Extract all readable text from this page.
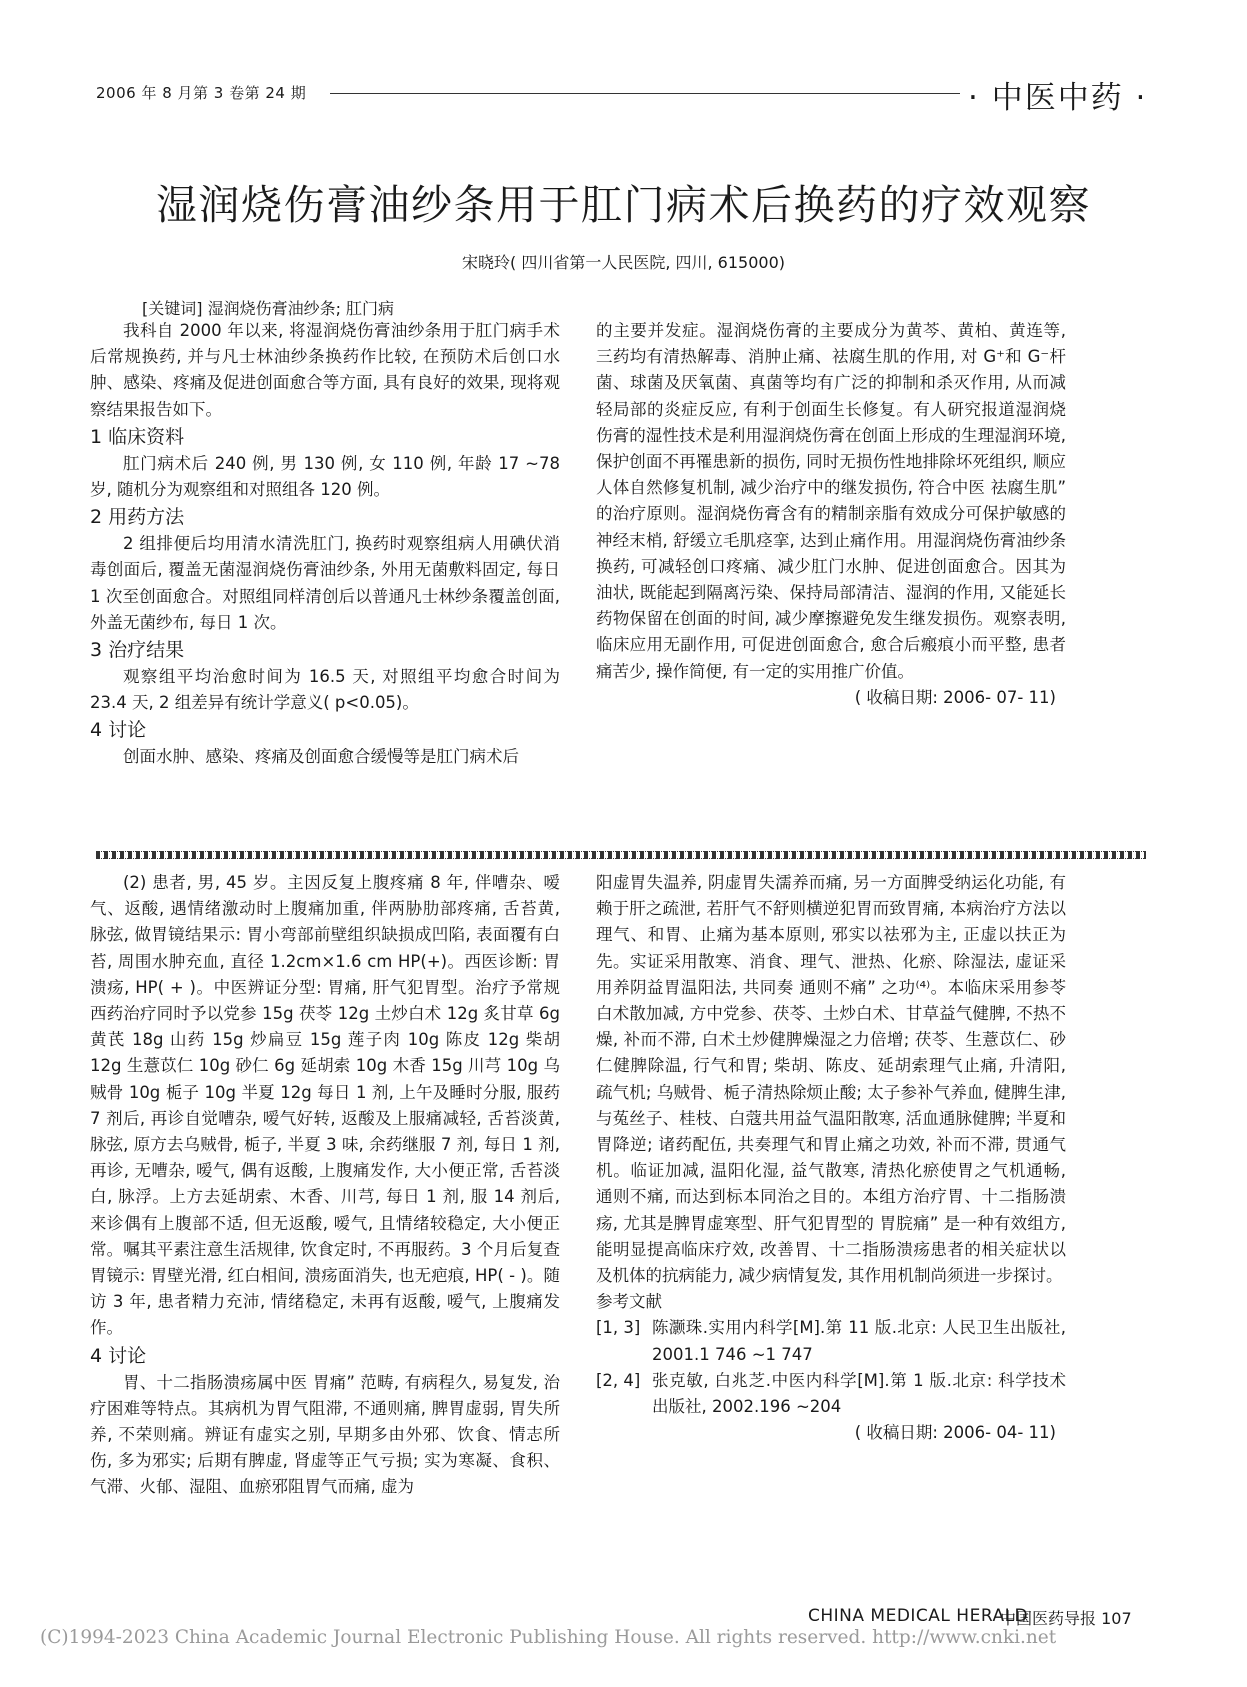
2006 年 8 月第 3 卷第 24 期	· 中医中药 ·
湿润烧伤膏油纱条用于肛门病术后换药的疗效观察
宋晓玲( 四川省第一人民医院, 四川, 615000)
[关键词] 湿润烧伤膏油纱条; 肛门病

我科自 2000 年以来, 将湿润烧伤膏油纱条用于肛门病手术后常规换药, 并与凡士林油纱条换药作比较, 在预防术后创口水肿、感染、疼痛及促进创面愈合等方面, 具有良好的效果, 现将观察结果报告如下。

1 临床资料

肛门病术后 240 例, 男 130 例, 女 110 例, 年龄 17 ~78 岁, 随机分为观察组和对照组各 120 例。

2 用药方法

2 组排便后均用清水清洗肛门, 换药时观察组病人用碘伏消毒创面后, 覆盖无菌湿润烧伤膏油纱条, 外用无菌敷料固定, 每日 1 次至创面愈合。对照组同样清创后以普通凡士林纱条覆盖创面, 外盖无菌纱布, 每日 1 次。

3 治疗结果

观察组平均治愈时间为 16.5 天, 对照组平均愈合时间为 23.4 天, 2 组差异有统计学意义( p<0.05)。

4 讨论

创面水肿、感染、疼痛及创面愈合缓慢等是肛门病术后

的主要并发症。湿润烧伤膏的主要成分为黄芩、黄柏、黄连等, 三药均有清热解毒、消肿止痛、祛腐生肌的作用, 对 G⁺和 G⁻杆菌、球菌及厌氧菌、真菌等均有广泛的抑制和杀灭作用, 从而减轻局部的炎症反应, 有利于创面生长修复。有人研究报道湿润烧伤膏的湿性技术是利用湿润烧伤膏在创面上形成的生理湿润环境, 保护创面不再罹患新的损伤, 同时无损伤性地排除坏死组织, 顺应人体自然修复机制, 减少治疗中的继发损伤, 符合中医 祛腐生肌” 的治疗原则。湿润烧伤膏含有的精制亲脂有效成分可保护敏感的神经末梢, 舒缓立毛肌痉挛, 达到止痛作用。用湿润烧伤膏油纱条换药, 可减轻创口疼痛、减少肛门水肿、促进创面愈合。因其为油状, 既能起到隔离污染、保持局部清洁、湿润的作用, 又能延长药物保留在创面的时间, 减少摩擦避免发生继发损伤。观察表明, 临床应用无副作用, 可促进创面愈合, 愈合后瘢痕小而平整, 患者痛苦少, 操作简便, 有一定的实用推广价值。

( 收稿日期: 2006- 07- 11)

(2) 患者, 男, 45 岁。主因反复上腹疼痛 8 年, 伴嘈杂、嗳气、返酸, 遇情绪激动时上腹痛加重, 伴两胁肋部疼痛, 舌苔黄, 脉弦, 做胃镜结果示: 胃小弯部前壁组织缺损成凹陷, 表面覆有白苔, 周围水肿充血, 直径 1.2cm×1.6 cm HP(+)。西医诊断: 胃溃疡, HP( + )。中医辨证分型: 胃痛, 肝气犯胃型。治疗予常规西药治疗同时予以党参 15g 茯苓 12g 土炒白术 12g 炙甘草 6g 黄芪 18g 山药 15g 炒扁豆 15g 莲子肉 10g 陈皮 12g 柴胡 12g 生薏苡仁 10g 砂仁 6g 延胡索 10g 木香 15g 川芎 10g 乌贼骨 10g 栀子 10g 半夏 12g 每日 1 剂, 上午及睡时分服, 服药 7 剂后, 再诊自觉嘈杂, 嗳气好转, 返酸及上服痛减轻, 舌苔淡黄, 脉弦, 原方去乌贼骨, 栀子, 半夏 3 味, 余药继服 7 剂, 每日 1 剂, 再诊, 无嘈杂, 嗳气, 偶有返酸, 上腹痛发作, 大小便正常, 舌苔淡白, 脉浮。上方去延胡索、木香、川芎, 每日 1 剂, 服 14 剂后, 来诊偶有上腹部不适, 但无返酸, 嗳气, 且情绪较稳定, 大小便正常。嘱其平素注意生活规律, 饮食定时, 不再服药。3 个月后复查胃镜示: 胃壁光滑, 红白相间, 溃疡面消失, 也无疤痕, HP( - )。随访 3 年, 患者精力充沛, 情绪稳定, 未再有返酸, 嗳气, 上腹痛发作。

4 讨论

胃、十二指肠溃疡属中医 胃痛” 范畴, 有病程久, 易复发, 治疗困难等特点。其病机为胃气阻滞, 不通则痛, 脾胃虚弱, 胃失所养, 不荣则痛。辨证有虚实之别, 早期多由外邪、饮食、情志所伤, 多为邪实; 后期有脾虚, 肾虚等正气亏损; 实为寒凝、食积、气滞、火郁、湿阻、血瘀邪阻胃气而痛, 虚为

阳虚胃失温养, 阴虚胃失濡养而痛, 另一方面脾受纳运化功能, 有赖于肝之疏泄, 若肝气不舒则横逆犯胃而致胃痛, 本病治疗方法以理气、和胃、止痛为基本原则, 邪实以祛邪为主, 正虚以扶正为先。实证采用散寒、消食、理气、泄热、化瘀、除湿法, 虚证采用养阴益胃温阳法, 共同奏 通则不痛” 之功⁽⁴⁾。本临床采用参苓白术散加减, 方中党参、茯苓、土炒白术、甘草益气健脾, 不热不燥, 补而不滞, 白术土炒健脾燥湿之力倍增; 茯苓、生薏苡仁、砂仁健脾除温, 行气和胃; 柴胡、陈皮、延胡索理气止痛, 升清阳, 疏气机; 乌贼骨、栀子清热除烦止酸; 太子参补气养血, 健脾生津, 与菟丝子、桂枝、白蔻共用益气温阳散寒, 活血通脉健脾; 半夏和胃降逆; 诸药配伍, 共奏理气和胃止痛之功效, 补而不滞, 贯通气机。临证加减, 温阳化湿, 益气散寒, 清热化瘀使胃之气机通畅, 通则不痛, 而达到标本同治之目的。本组方治疗胃、十二指肠溃疡, 尤其是脾胃虚寒型、肝气犯胃型的 胃脘痛” 是一种有效组方, 能明显提高临床疗效, 改善胃、十二指肠溃疡患者的相关症状以及机体的抗病能力, 减少病情复发, 其作用机制尚须进一步探讨。

参考文献

[1, 3] 陈灏珠.实用内科学[M].第 11 版.北京: 人民卫生出版社, 2001.1 746 ~1 747
[2, 4] 张克敏, 白兆芝.中医内科学[M].第 1 版.北京: 科学技术出版社, 2002.196 ~204

( 收稿日期: 2006- 04- 11)

CHINA MEDICAL HERALD
中国医药导报 107
(C)1994-2023 China Academic Journal Electronic Publishing House. All rights reserved. http://www.cnki.net
